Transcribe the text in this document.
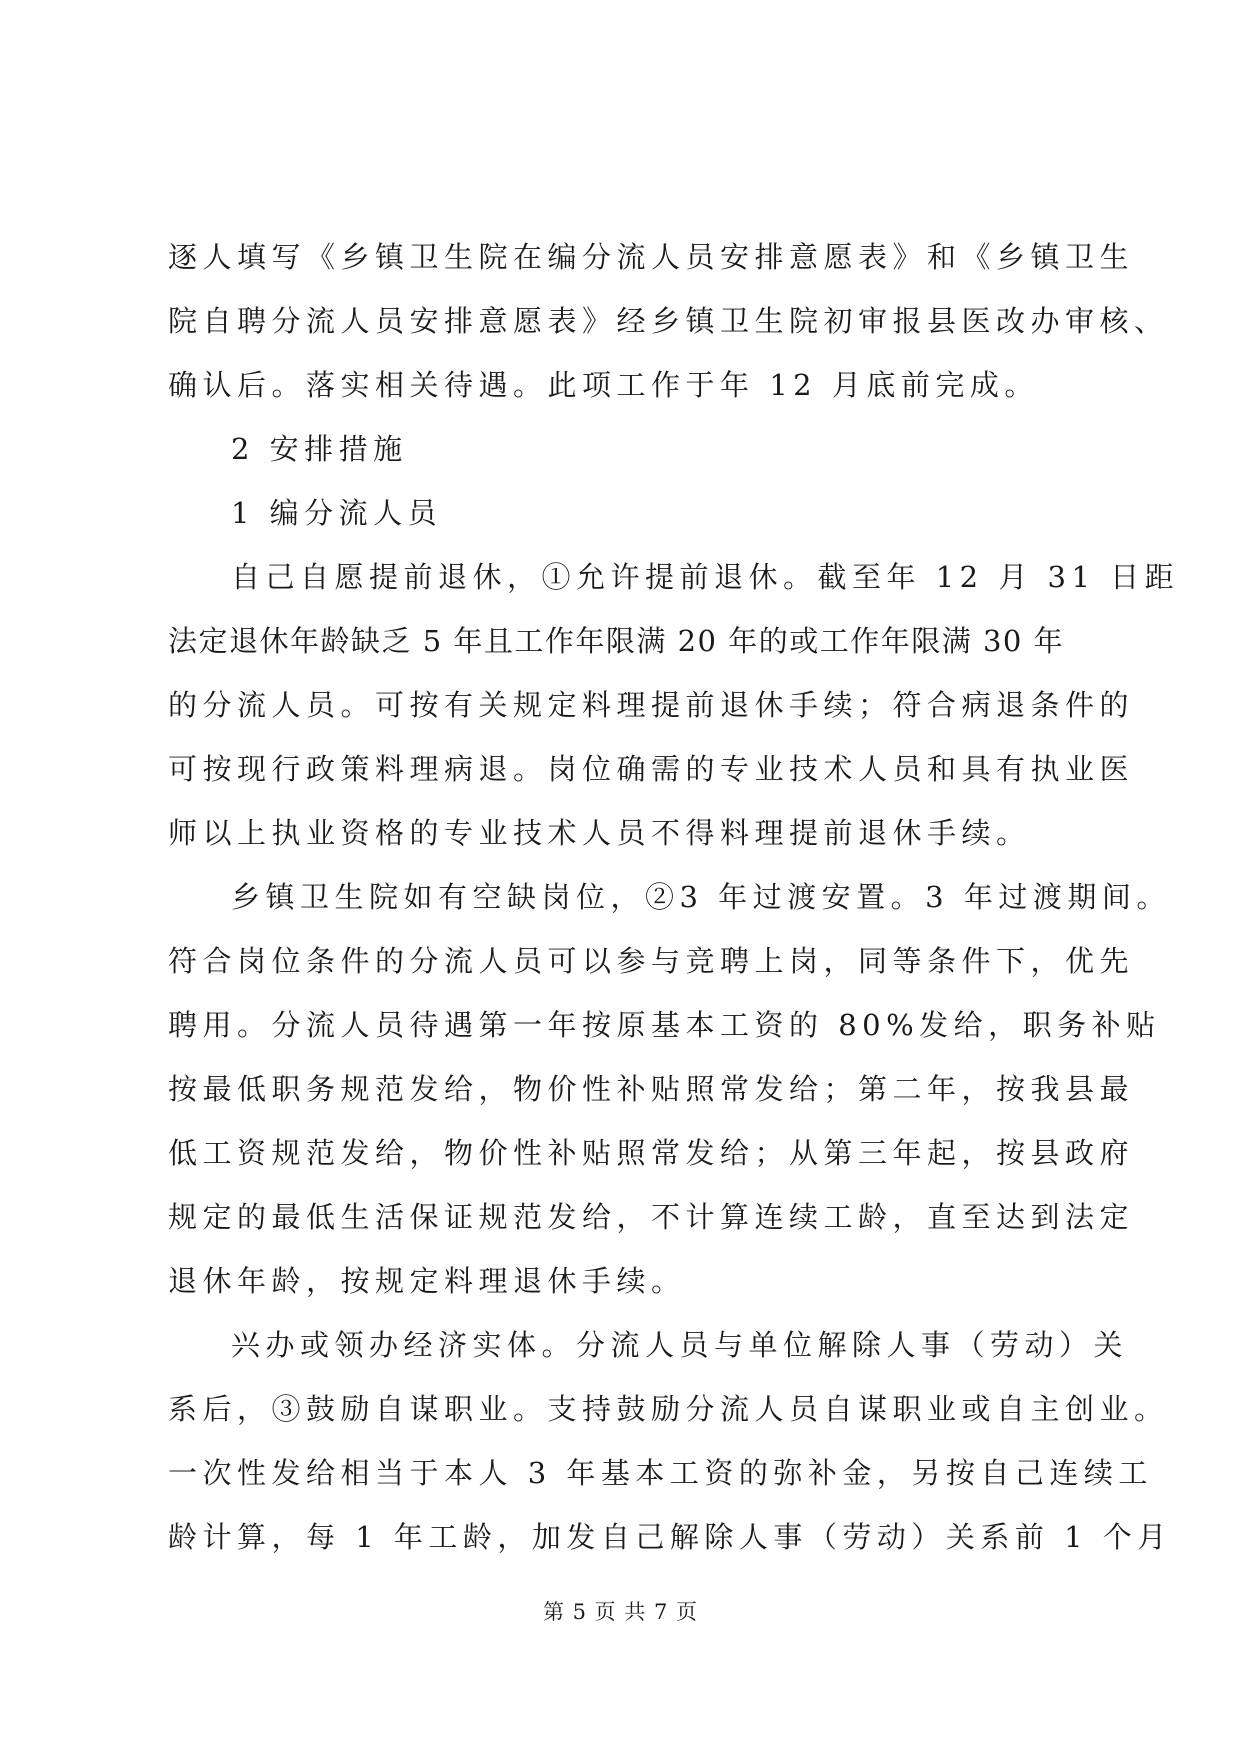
逐人填写《乡镇卫生院在编分流人员安排意愿表》和《乡镇卫生
院自聘分流人员安排意愿表》经乡镇卫生院初审报县医改办审核、
确认后。落实相关待遇。此项工作于年 12 月底前完成。
2 安排措施
1 编分流人员
自己自愿提前退休，①允许提前退休。截至年 12 月 31 日距
法定退休年龄缺乏 5 年且工作年限满 20 年的或工作年限满 30 年
的分流人员。可按有关规定料理提前退休手续；符合病退条件的
可按现行政策料理病退。岗位确需的专业技术人员和具有执业医
师以上执业资格的专业技术人员不得料理提前退休手续。
乡镇卫生院如有空缺岗位，②3 年过渡安置。3 年过渡期间。
符合岗位条件的分流人员可以参与竞聘上岗，同等条件下，优先
聘用。分流人员待遇第一年按原基本工资的 80%发给，职务补贴
按最低职务规范发给，物价性补贴照常发给；第二年，按我县最
低工资规范发给，物价性补贴照常发给；从第三年起，按县政府
规定的最低生活保证规范发给，不计算连续工龄，直至达到法定
退休年龄，按规定料理退休手续。
兴办或领办经济实体。分流人员与单位解除人事（劳动）关
系后，③鼓励自谋职业。支持鼓励分流人员自谋职业或自主创业。
一次性发给相当于本人 3 年基本工资的弥补金，另按自己连续工
龄计算，每 1 年工龄，加发自己解除人事（劳动）关系前 1 个月
第 5 页 共 7 页
